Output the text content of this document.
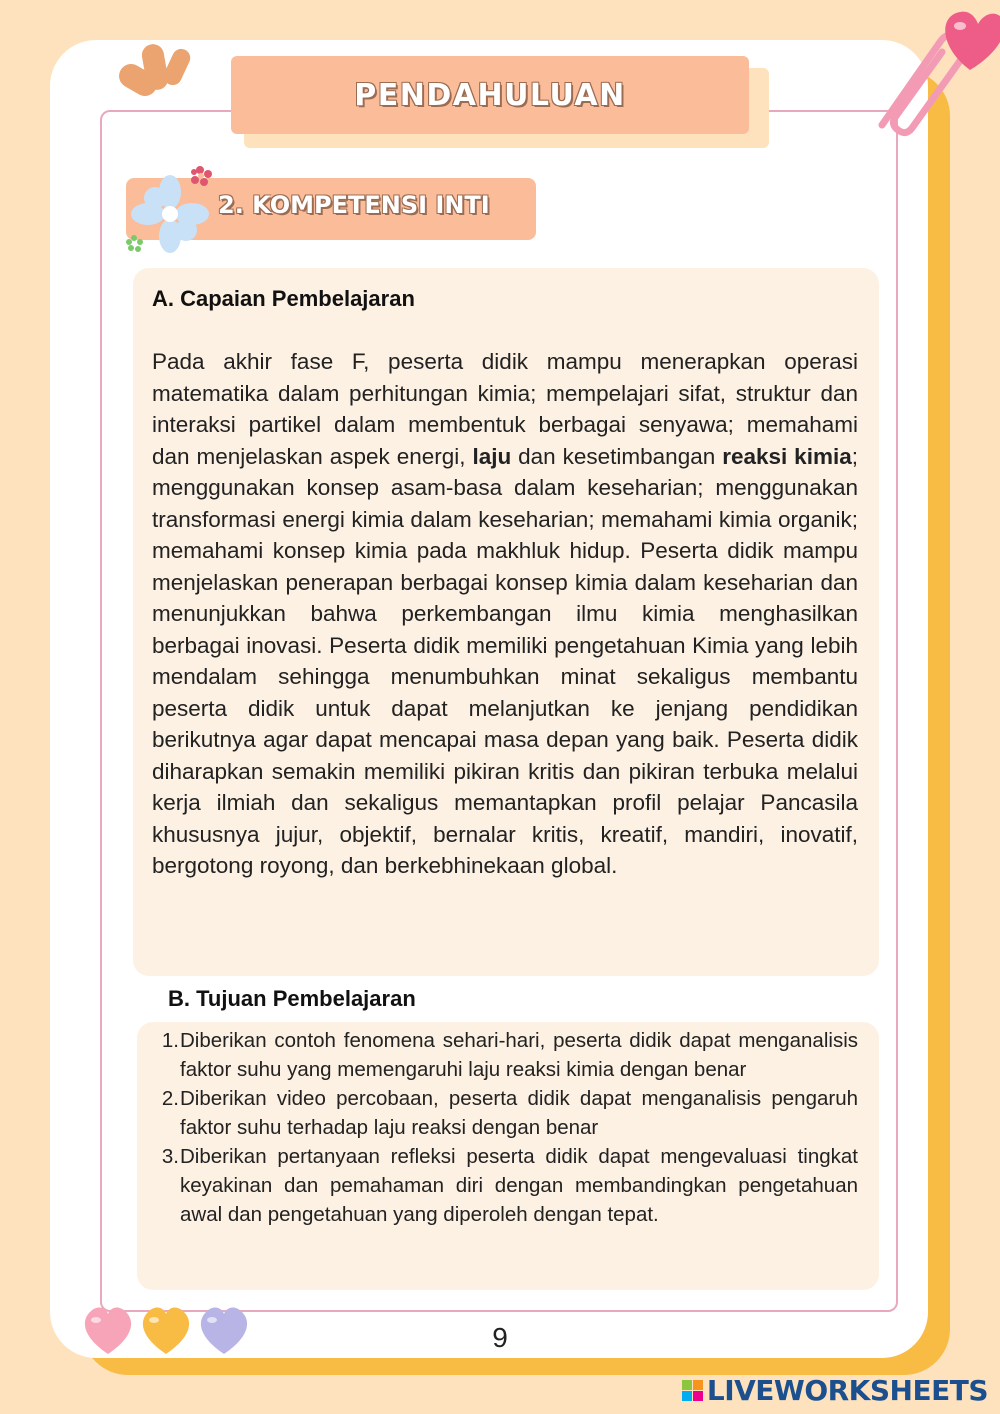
PENDAHULUAN
2. KOMPETENSI INTI
A. Capaian Pembelajaran

Pada akhir fase F, peserta didik mampu menerapkan operasi matematika dalam perhitungan kimia; mempelajari sifat, struktur dan interaksi partikel dalam membentuk berbagai senyawa; memahami dan menjelaskan aspek energi, laju dan kesetimbangan reaksi kimia; menggunakan konsep asam-basa dalam keseharian; menggunakan transformasi energi kimia dalam keseharian; memahami kimia organik; memahami konsep kimia pada makhluk hidup. Peserta didik mampu menjelaskan penerapan berbagai konsep kimia dalam keseharian dan menunjukkan bahwa perkembangan ilmu kimia menghasilkan berbagai inovasi. Peserta didik memiliki pengetahuan Kimia yang lebih mendalam sehingga menumbuhkan minat sekaligus membantu peserta didik untuk dapat melanjutkan ke jenjang pendidikan berikutnya agar dapat mencapai masa depan yang baik. Peserta didik diharapkan semakin memiliki pikiran kritis dan pikiran terbuka melalui kerja ilmiah dan sekaligus memantapkan profil pelajar Pancasila khususnya jujur, objektif, bernalar kritis, kreatif, mandiri, inovatif, bergotong royong, dan berkebhinekaan global.

B. Tujuan Pembelajaran
1. Diberikan contoh fenomena sehari-hari, peserta didik dapat menganalisis faktor suhu yang memengaruhi laju reaksi kimia dengan benar
2. Diberikan video percobaan, peserta didik dapat menganalisis pengaruh faktor suhu terhadap laju reaksi dengan benar
3. Diberikan pertanyaan refleksi peserta didik dapat mengevaluasi tingkat keyakinan dan pemahaman diri dengan membandingkan pengetahuan awal dan pengetahuan yang diperoleh dengan tepat.
9
LIVEWORKSHEETS
